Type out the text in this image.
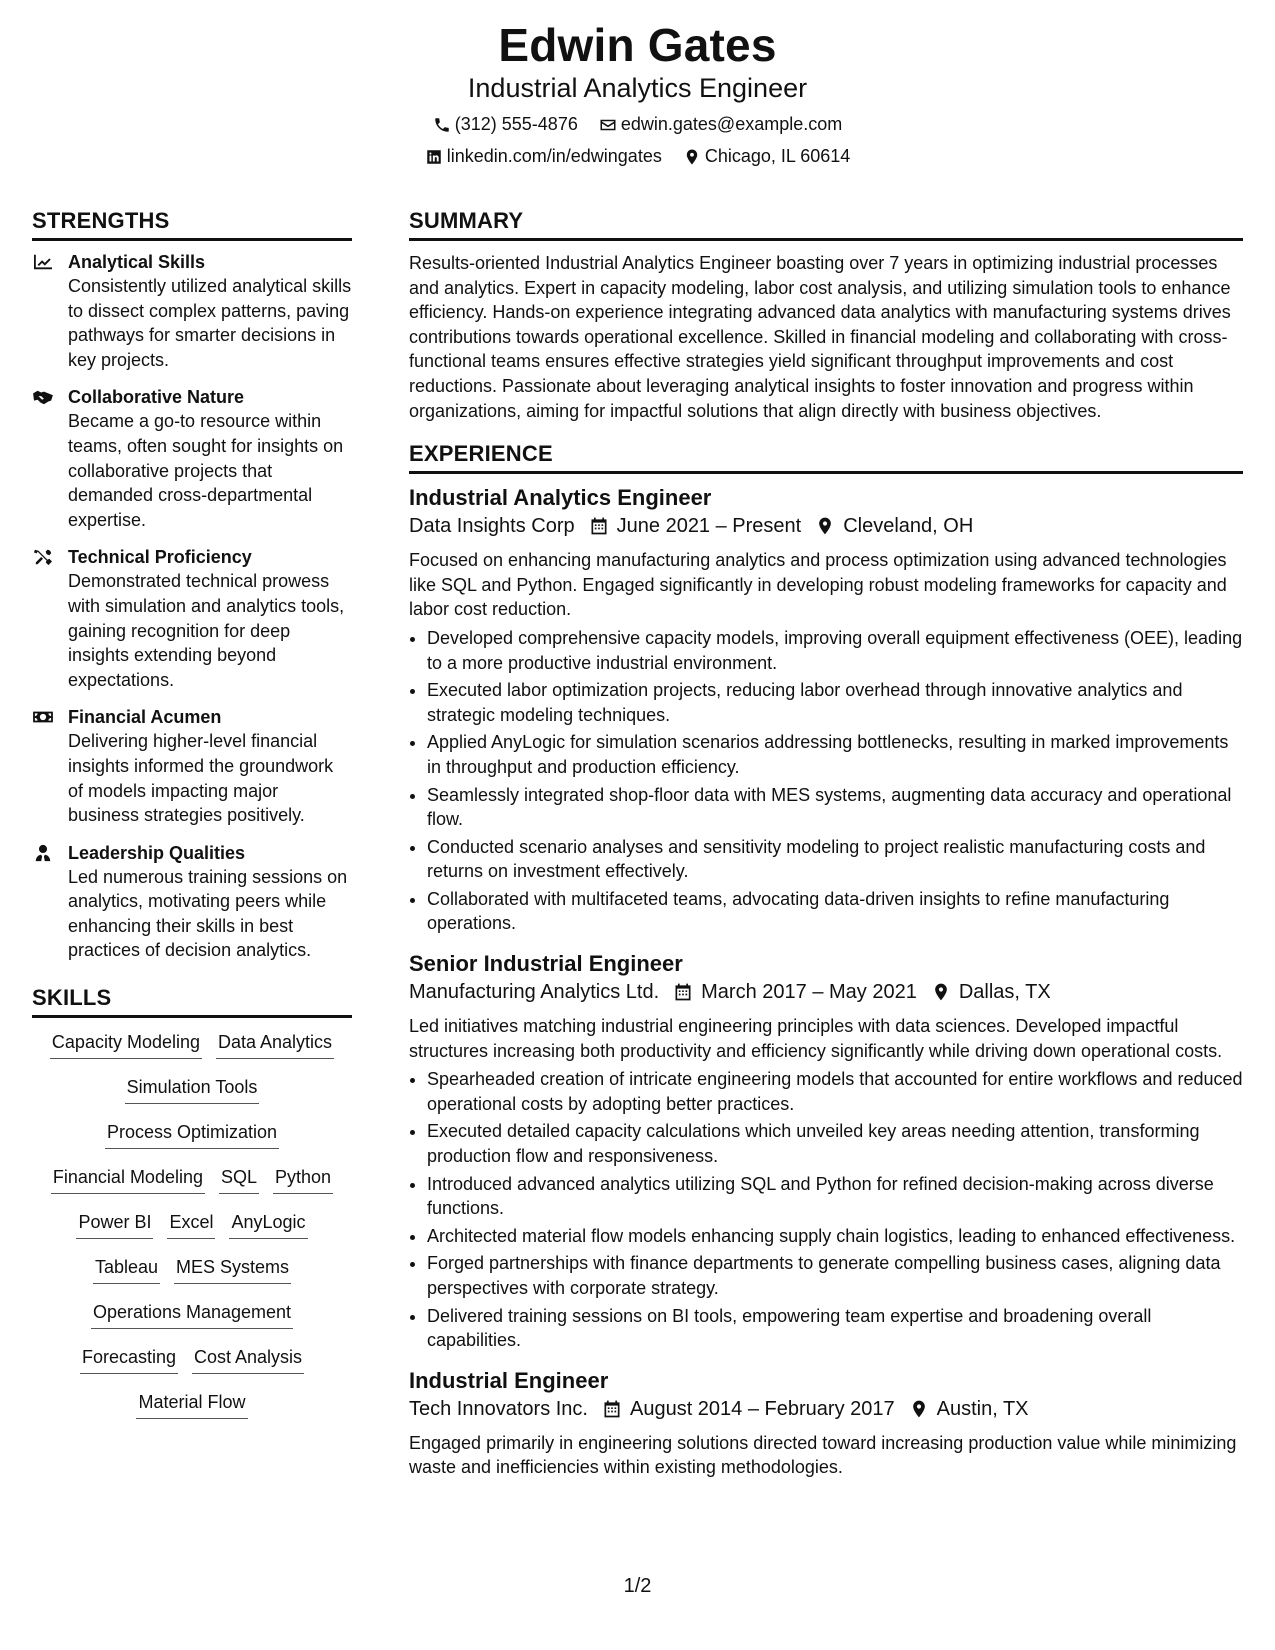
Edwin Gates
Industrial Analytics Engineer
(312) 555-4876
edwin.gates@example.com
linkedin.com/in/edwingates
Chicago, IL 60614
STRENGTHS
Analytical Skills
Consistently utilized analytical skills to dissect complex patterns, paving pathways for smarter decisions in key projects.
Collaborative Nature
Became a go-to resource within teams, often sought for insights on collaborative projects that demanded cross-departmental expertise.
Technical Proficiency
Demonstrated technical prowess with simulation and analytics tools, gaining recognition for deep insights extending beyond expectations.
Financial Acumen
Delivering higher-level financial insights informed the groundwork of models impacting major business strategies positively.
Leadership Qualities
Led numerous training sessions on analytics, motivating peers while enhancing their skills in best practices of decision analytics.
SKILLS
Capacity Modeling Data Analytics
Simulation Tools
Process Optimization
Financial Modeling SQL Python
Power BI Excel AnyLogic
Tableau MES Systems
Operations Management
Forecasting Cost Analysis
Material Flow
SUMMARY
Results-oriented Industrial Analytics Engineer boasting over 7 years in optimizing industrial processes and analytics. Expert in capacity modeling, labor cost analysis, and utilizing simulation tools to enhance efficiency. Hands-on experience integrating advanced data analytics with manufacturing systems drives contributions towards operational excellence. Skilled in financial modeling and collaborating with cross-functional teams ensures effective strategies yield significant throughput improvements and cost reductions. Passionate about leveraging analytical insights to foster innovation and progress within organizations, aiming for impactful solutions that align directly with business objectives.
EXPERIENCE
Industrial Analytics Engineer
Data Insights Corp June 2021 – Present Cleveland, OH
Focused on enhancing manufacturing analytics and process optimization using advanced technologies like SQL and Python. Engaged significantly in developing robust modeling frameworks for capacity and labor cost reduction.
• Developed comprehensive capacity models, improving overall equipment effectiveness (OEE), leading to a more productive industrial environment.
• Executed labor optimization projects, reducing labor overhead through innovative analytics and strategic modeling techniques.
• Applied AnyLogic for simulation scenarios addressing bottlenecks, resulting in marked improvements in throughput and production efficiency.
• Seamlessly integrated shop-floor data with MES systems, augmenting data accuracy and operational flow.
• Conducted scenario analyses and sensitivity modeling to project realistic manufacturing costs and returns on investment effectively.
• Collaborated with multifaceted teams, advocating data-driven insights to refine manufacturing operations.
Senior Industrial Engineer
Manufacturing Analytics Ltd. March 2017 – May 2021 Dallas, TX
Led initiatives matching industrial engineering principles with data sciences. Developed impactful structures increasing both productivity and efficiency significantly while driving down operational costs.
• Spearheaded creation of intricate engineering models that accounted for entire workflows and reduced operational costs by adopting better practices.
• Executed detailed capacity calculations which unveiled key areas needing attention, transforming production flow and responsiveness.
• Introduced advanced analytics utilizing SQL and Python for refined decision-making across diverse functions.
• Architected material flow models enhancing supply chain logistics, leading to enhanced effectiveness.
• Forged partnerships with finance departments to generate compelling business cases, aligning data perspectives with corporate strategy.
• Delivered training sessions on BI tools, empowering team expertise and broadening overall capabilities.
Industrial Engineer
Tech Innovators Inc. August 2014 – February 2017 Austin, TX
Engaged primarily in engineering solutions directed toward increasing production value while minimizing waste and inefficiencies within existing methodologies.
1/2
